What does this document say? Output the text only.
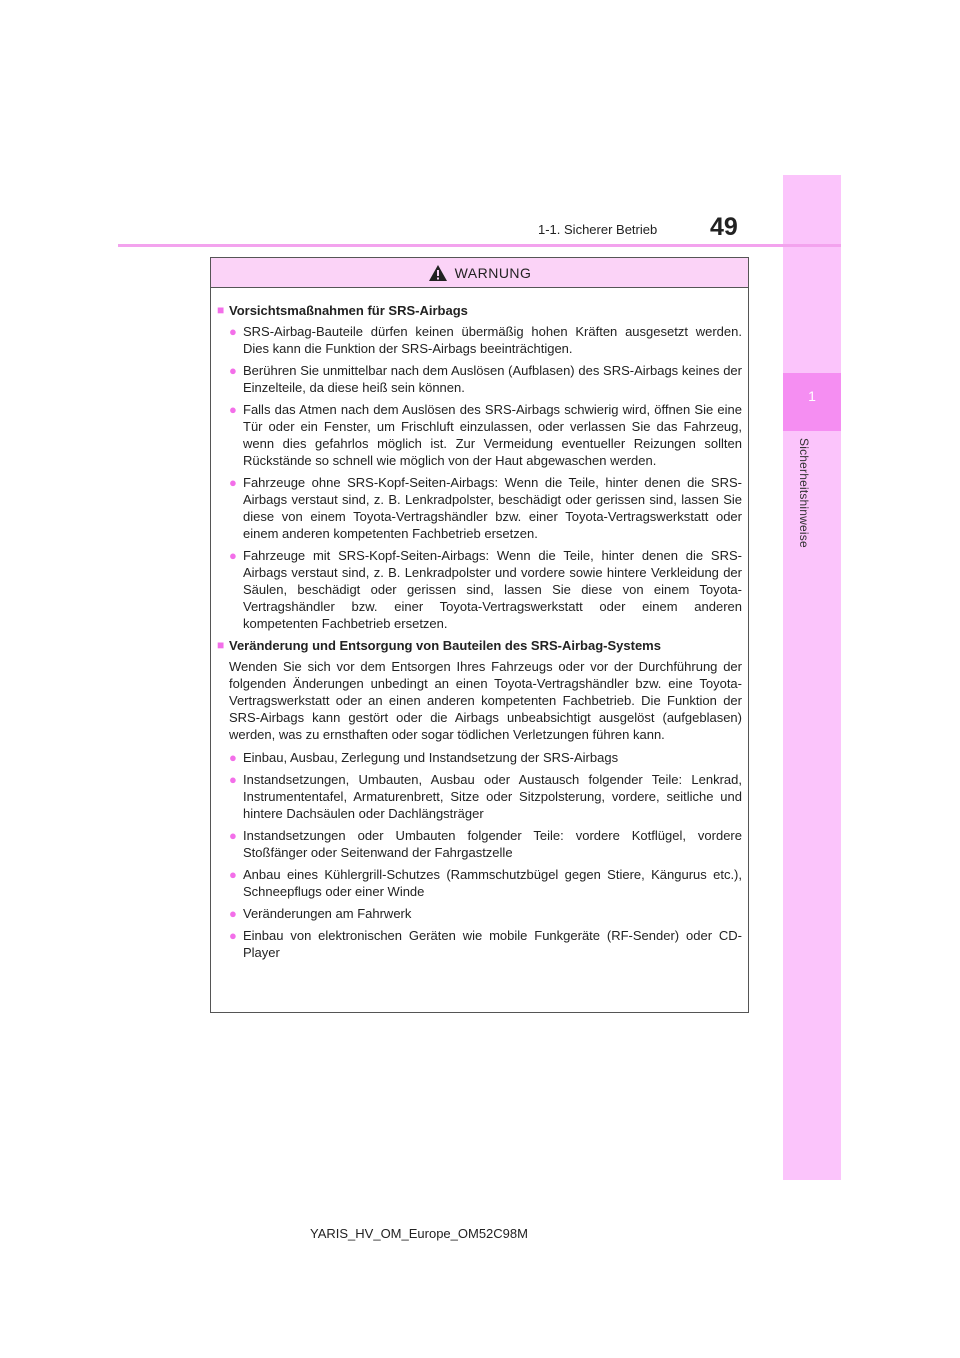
1
Sicherheitshinweise
1-1. Sicherer Betrieb 49
WARNUNG
■ Vorsichtsmaßnahmen für SRS-Airbags
● SRS-Airbag-Bauteile dürfen keinen übermäßig hohen Kräften ausgesetzt werden. Dies kann die Funktion der SRS-Airbags beeinträchtigen.
● Berühren Sie unmittelbar nach dem Auslösen (Aufblasen) des SRS-Airbags keines der Einzelteile, da diese heiß sein können.
● Falls das Atmen nach dem Auslösen des SRS-Airbags schwierig wird, öffnen Sie eine Tür oder ein Fenster, um Frischluft einzulassen, oder verlassen Sie das Fahrzeug, wenn dies gefahrlos möglich ist. Zur Vermeidung eventueller Reizungen sollten Rückstände so schnell wie möglich von der Haut abgewaschen werden.
● Fahrzeuge ohne SRS-Kopf-Seiten-Airbags: Wenn die Teile, hinter denen die SRS-Airbags verstaut sind, z. B. Lenkradpolster, beschädigt oder gerissen sind, lassen Sie diese von einem Toyota-Vertragshändler bzw. einer Toyota-Vertragswerkstatt oder einem anderen kompetenten Fachbetrieb ersetzen.
● Fahrzeuge mit SRS-Kopf-Seiten-Airbags: Wenn die Teile, hinter denen die SRS-Airbags verstaut sind, z. B. Lenkradpolster und vordere sowie hintere Verkleidung der Säulen, beschädigt oder gerissen sind, lassen Sie diese von einem Toyota-Vertragshändler bzw. einer Toyota-Vertragswerkstatt oder einem anderen kompetenten Fachbetrieb ersetzen.
■ Veränderung und Entsorgung von Bauteilen des SRS-Airbag-Systems
Wenden Sie sich vor dem Entsorgen Ihres Fahrzeugs oder vor der Durchführung der folgenden Änderungen unbedingt an einen Toyota-Vertragshändler bzw. eine Toyota-Vertragswerkstatt oder an einen anderen kompetenten Fachbetrieb. Die Funktion der SRS-Airbags kann gestört oder die Airbags unbeabsichtigt ausgelöst (aufgeblasen) werden, was zu ernsthaften oder sogar tödlichen Verletzungen führen kann.
● Einbau, Ausbau, Zerlegung und Instandsetzung der SRS-Airbags
● Instandsetzungen, Umbauten, Ausbau oder Austausch folgender Teile: Lenkrad, Instrumententafel, Armaturenbrett, Sitze oder Sitzpolsterung, vordere, seitliche und hintere Dachsäulen oder Dachlängsträger
● Instandsetzungen oder Umbauten folgender Teile: vordere Kotflügel, vordere Stoßfänger oder Seitenwand der Fahrgastzelle
● Anbau eines Kühlergrill-Schutzes (Rammschutzbügel gegen Stiere, Kängurus etc.), Schneepflugs oder einer Winde
● Veränderungen am Fahrwerk
● Einbau von elektronischen Geräten wie mobile Funkgeräte (RF-Sender) oder CD-Player
YARIS_HV_OM_Europe_OM52C98M
